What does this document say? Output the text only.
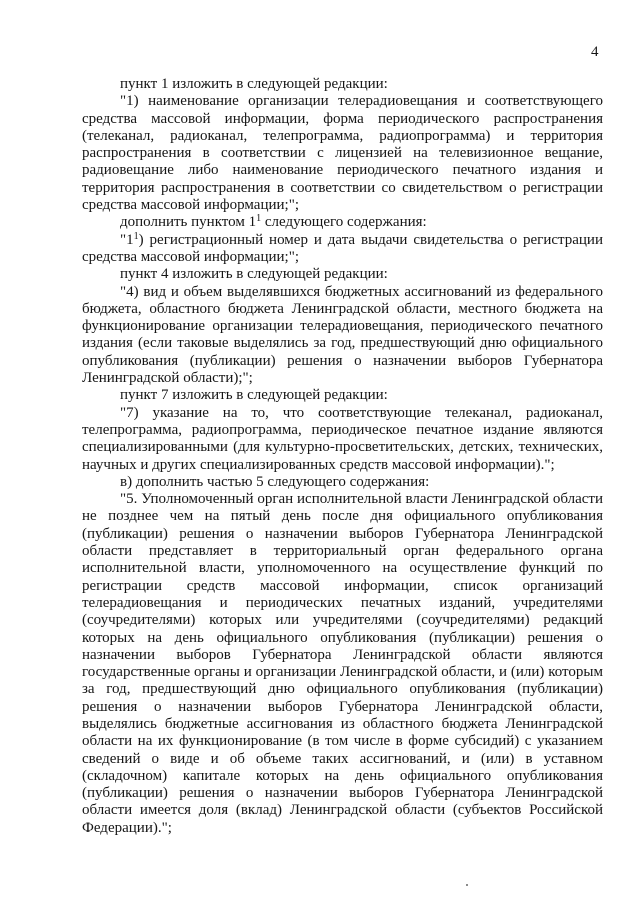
4

пункт 1 изложить в следующей редакции:

"1) наименование организации телерадиовещания и соответствующего средства массовой информации, форма периодического распространения (телеканал, радиоканал, телепрограмма, радиопрограмма) и территория распространения в соответствии с лицензией на телевизионное вещание, радиовещание либо наименование периодического печатного издания и территория распространения в соответствии со свидетельством о регистрации средства массовой информации;";

дополнить пунктом $1^1$ следующего содержания:

"$1^1$) регистрационный номер и дата выдачи свидетельства о регистрации средства массовой информации;";

пункт 4 изложить в следующей редакции:

"4) вид и объем выделявшихся бюджетных ассигнований из федерального бюджета, областного бюджета Ленинградской области, местного бюджета на функционирование организации телерадиовещания, периодического печатного издания (если таковые выделялись за год, предшествующий дню официального опубликования (публикации) решения о назначении выборов Губернатора Ленинградской области);";

пункт 7 изложить в следующей редакции:

"7) указание на то, что соответствующие телеканал, радиоканал, телепрограмма, радиопрограмма, периодическое печатное издание являются специализированными (для культурно-просветительских, детских, технических, научных и других специализированных средств массовой информации).";

в) дополнить частью 5 следующего содержания:

"5. Уполномоченный орган исполнительной власти Ленинградской области не позднее чем на пятый день после дня официального опубликования (публикации) решения о назначении выборов Губернатора Ленинградской области представляет в территориальный орган федерального органа исполнительной власти, уполномоченного на осуществление функций по регистрации средств массовой информации, список организаций телерадиовещания и периодических печатных изданий, учредителями (соучредителями) которых или учредителями (соучредителями) редакций которых на день официального опубликования (публикации) решения о назначении выборов Губернатора Ленинградской области являются государственные органы и организации Ленинградской области, и (или) которым за год, предшествующий дню официального опубликования (публикации) решения о назначении выборов Губернатора Ленинградской области, выделялись бюджетные ассигнования из областного бюджета Ленинградской области на их функционирование (в том числе в форме субсидий) с указанием сведений о виде и об объеме таких ассигнований, и (или) в уставном (складочном) капитале которых на день официального опубликования (публикации) решения о назначении выборов Губернатора Ленинградской области имеется доля (вклад) Ленинградской области (субъектов Российской Федерации).";
